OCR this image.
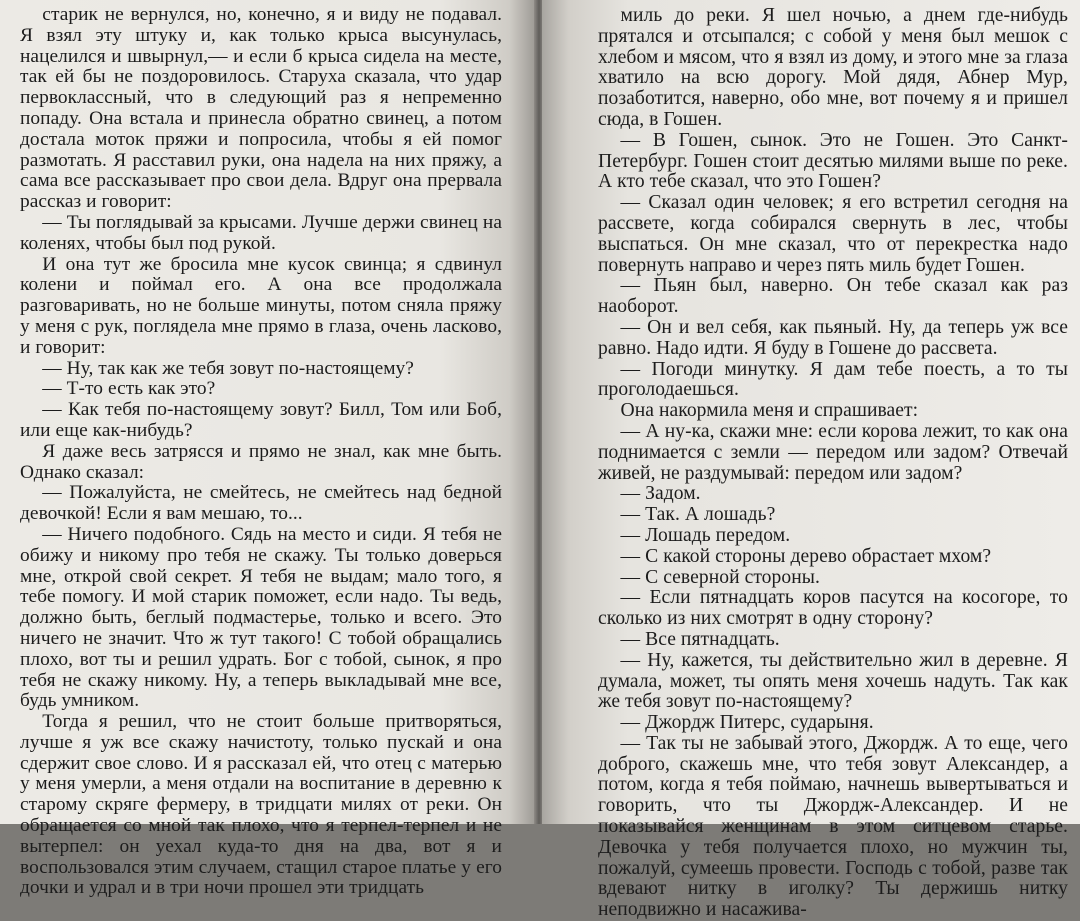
старик не вернулся, но, конечно, я и виду не подавал. Я взял эту штуку и, как только крыса высунулась, нацелился и швырнул,— и если б крыса сидела на месте, так ей бы не поздоровилось. Старуха сказала, что удар первоклассный, что в следующий раз я непременно попаду. Она встала и принесла обратно свинец, а потом достала моток пряжи и попросила, чтобы я ей помог размотать. Я расставил руки, она надела на них пряжу, а сама все рассказывает про свои дела. Вдруг она прервала рассказ и говорит:

— Ты поглядывай за крысами. Лучше держи свинец на коленях, чтобы был под рукой.

И она тут же бросила мне кусок свинца; я сдвинул колени и поймал его. А она все продолжала разговаривать, но не больше минуты, потом сняла пряжу у меня с рук, поглядела мне прямо в глаза, очень ласково, и говорит:

— Ну, так как же тебя зовут по-настоящему?

— Т-то есть как это?

— Как тебя по-настоящему зовут? Билл, Том или Боб, или еще как-нибудь?

Я даже весь затрясся и прямо не знал, как мне быть. Однако сказал:

— Пожалуйста, не смейтесь, не смейтесь над бедной девочкой! Если я вам мешаю, то...

— Ничего подобного. Сядь на место и сиди. Я тебя не обижу и никому про тебя не скажу. Ты только доверься мне, открой свой секрет. Я тебя не выдам; мало того, я тебе помогу. И мой старик поможет, если надо. Ты ведь, должно быть, беглый подмастерье, только и всего. Это ничего не значит. Что ж тут такого! С тобой обращались плохо, вот ты и решил удрать. Бог с тобой, сынок, я про тебя не скажу никому. Ну, а теперь выкладывай мне все, будь умником.

Тогда я решил, что не стоит больше притворяться, лучше я уж все скажу начистоту, только пускай и она сдержит свое слово. И я рассказал ей, что отец с матерью у меня умерли, а меня отдали на воспитание в деревню к старому скряге фермеру, в тридцати милях от реки. Он обращается со мной так плохо, что я терпел-терпел и не вытерпел: он уехал куда-то дня на два, вот я и воспользовался этим случаем, стащил старое платье у его дочки и удрал и в три ночи прошел эти тридцать

миль до реки. Я шел ночью, а днем где-нибудь прятался и отсыпался; с собой у меня был мешок с хлебом и мясом, что я взял из дому, и этого мне за глаза хватило на всю дорогу. Мой дядя, Абнер Мур, позаботится, наверно, обо мне, вот почему я и пришел сюда, в Гошен.

— В Гошен, сынок. Это не Гошен. Это Санкт-Петербург. Гошен стоит десятью милями выше по реке. А кто тебе сказал, что это Гошен?

— Сказал один человек; я его встретил сегодня на рассвете, когда собирался свернуть в лес, чтобы выспаться. Он мне сказал, что от перекрестка надо повернуть направо и через пять миль будет Гошен.

— Пьян был, наверно. Он тебе сказал как раз наоборот.

— Он и вел себя, как пьяный. Ну, да теперь уж все равно. Надо идти. Я буду в Гошене до рассвета.

— Погоди минутку. Я дам тебе поесть, а то ты проголодаешься.

Она накормила меня и спрашивает:

— А ну-ка, скажи мне: если корова лежит, то как она поднимается с земли — передом или задом? Отвечай живей, не раздумывай: передом или задом?

— Задом.

— Так. А лошадь?

— Лошадь передом.

— С какой стороны дерево обрастает мхом?

— С северной стороны.

— Если пятнадцать коров пасутся на косогоре, то сколько из них смотрят в одну сторону?

— Все пятнадцать.

— Ну, кажется, ты действительно жил в деревне. Я думала, может, ты опять меня хочешь надуть. Так как же тебя зовут по-настоящему?

— Джордж Питерс, сударыня.

— Так ты не забывай этого, Джордж. А то еще, чего доброго, скажешь мне, что тебя зовут Александер, а потом, когда я тебя поймаю, начнешь вывертываться и говорить, что ты Джордж-Александер. И не показывайся женщинам в этом ситцевом старье. Девочка у тебя получается плохо, но мужчин ты, пожалуй, сумеешь провести. Господь с тобой, разве так вдевают нитку в иголку? Ты держишь нитку неподвижно и насажива-
